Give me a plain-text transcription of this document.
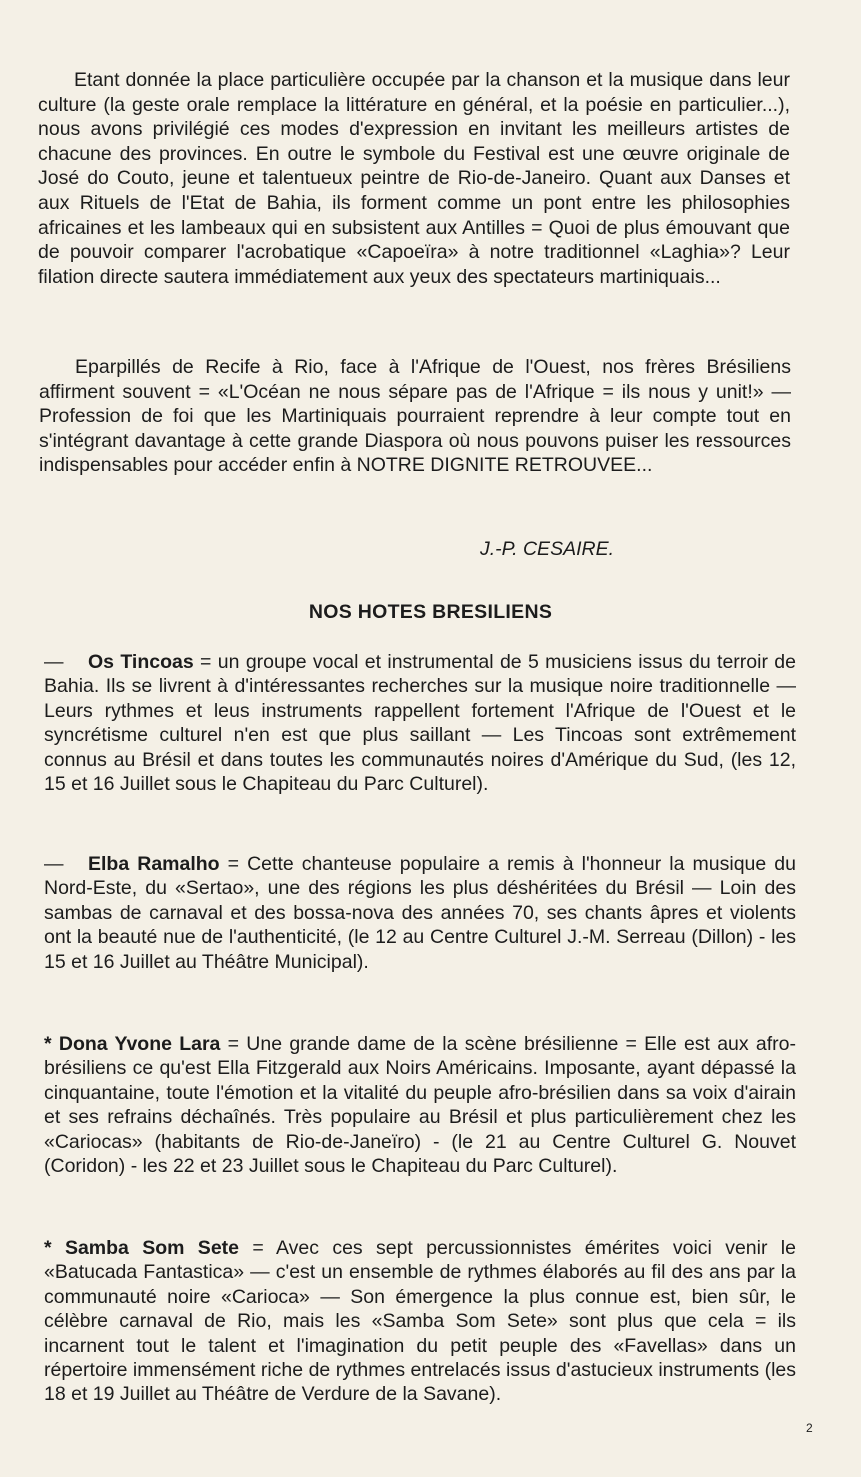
Etant donnée la place particulière occupée par la chanson et la musique dans leur culture (la geste orale remplace la littérature en général, et la poésie en particulier...), nous avons privilégié ces modes d'expression en invitant les meilleurs artistes de chacune des provinces. En outre le symbole du Festival est une œuvre originale de José do Couto, jeune et talentueux peintre de Rio-de-Janeiro. Quant aux Danses et aux Rituels de l'Etat de Bahia, ils forment comme un pont entre les philosophies africaines et les lambeaux qui en subsistent aux Antilles = Quoi de plus émouvant que de pouvoir comparer l'acrobatique «Capoeïra» à notre traditionnel «Laghia»? Leur filation directe sautera immédiatement aux yeux des spectateurs martiniquais...

Eparpillés de Recife à Rio, face à l'Afrique de l'Ouest, nos frères Brésiliens affirment souvent = «L'Océan ne nous sépare pas de l'Afrique = ils nous y unit!» — Profession de foi que les Martiniquais pourraient reprendre à leur compte tout en s'intégrant davantage à cette grande Diaspora où nous pouvons puiser les ressources indispensables pour accéder enfin à NOTRE DIGNITE RETROUVEE...

J.-P. CESAIRE.

NOS HOTES BRESILIENS

— Os Tincoas = un groupe vocal et instrumental de 5 musiciens issus du terroir de Bahia. Ils se livrent à d'intéressantes recherches sur la musique noire traditionnelle — Leurs rythmes et leus instruments rappellent fortement l'Afrique de l'Ouest et le syncrétisme culturel n'en est que plus saillant — Les Tincoas sont extrêmement connus au Brésil et dans toutes les communautés noires d'Amérique du Sud, (les 12, 15 et 16 Juillet sous le Chapiteau du Parc Culturel).

— Elba Ramalho = Cette chanteuse populaire a remis à l'honneur la musique du Nord-Este, du «Sertao», une des régions les plus déshéritées du Brésil — Loin des sambas de carnaval et des bossa-nova des années 70, ses chants âpres et violents ont la beauté nue de l'authenticité, (le 12 au Centre Culturel J.-M. Serreau (Dillon) - les 15 et 16 Juillet au Théâtre Municipal).

* Dona Yvone Lara = Une grande dame de la scène brésilienne = Elle est aux afro-brésiliens ce qu'est Ella Fitzgerald aux Noirs Américains. Imposante, ayant dépassé la cinquantaine, toute l'émotion et la vitalité du peuple afro-brésilien dans sa voix d'airain et ses refrains déchaînés. Très populaire au Brésil et plus particulièrement chez les «Cariocas» (habitants de Rio-de-Janeïro) - (le 21 au Centre Culturel G. Nouvet (Coridon) - les 22 et 23 Juillet sous le Chapiteau du Parc Culturel).

* Samba Som Sete = Avec ces sept percussionnistes émérites voici venir le «Batucada Fantastica» — c'est un ensemble de rythmes élaborés au fil des ans par la communauté noire «Carioca» — Son émergence la plus connue est, bien sûr, le célèbre carnaval de Rio, mais les «Samba Som Sete» sont plus que cela = ils incarnent tout le talent et l'imagination du petit peuple des «Favellas» dans un répertoire immensément riche de rythmes entrelacés issus d'astucieux instruments (les 18 et 19 Juillet au Théâtre de Verdure de la Savane).

2
